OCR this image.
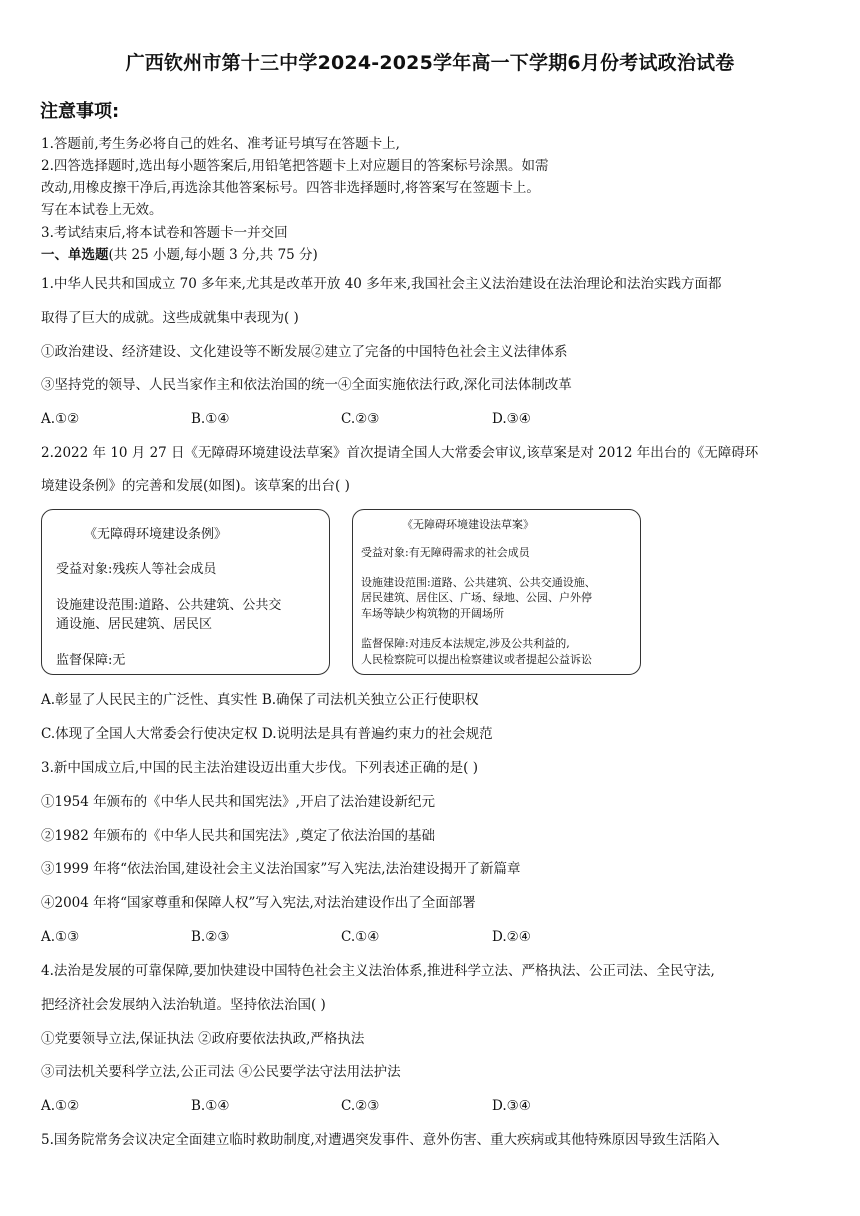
广西钦州市第十三中学2024-2025学年高一下学期6月份考试政治试卷
注意事项:
1.答题前,考生务必将自己的姓名、准考证号填写在答题卡上,
2.四答选择题时,选出每小题答案后,用铅笔把答题卡上对应题目的答案标号涂黑。如需
改动,用橡皮擦干净后,再选涂其他答案标号。四答非选择题时,将答案写在签题卡上。
写在本试卷上无效。
3.考试结束后,将本试卷和答题卡一并交回
一、单选题(共 25 小题,每小题 3 分,共 75 分)
1.中华人民共和国成立 70 多年来,尤其是改革开放 40 多年来,我国社会主义法治建设在法治理论和法治实践方面都
取得了巨大的成就。这些成就集中表现为( )
①政治建设、经济建设、文化建设等不断发展②建立了完备的中国特色社会主义法律体系
③坚持党的领导、人民当家作主和依法治国的统一④全面实施依法行政,深化司法体制改革
A.①②	B.①④	C.②③	D.③④
2.2022 年 10 月 27 日《无障碍环境建设法草案》首次提请全国人大常委会审议,该草案是对 2012 年出台的《无障碍环
境建设条例》的完善和发展(如图)。该草案的出台( )
《无障碍环境建设条例》
受益对象:残疾人等社会成员
设施建设范围:道路、公共建筑、公共交
通设施、居民建筑、居民区
监督保障:无
《无障碍环境建设法草案》
受益对象:有无障碍需求的社会成员
设施建设范围:道路、公共建筑、公共交通设施、
居民建筑、居住区、广场、绿地、公园、户外停
车场等缺少构筑物的开阔场所
监督保障:对违反本法规定,涉及公共利益的,
人民检察院可以提出检察建议或者提起公益诉讼
A.彰显了人民民主的广泛性、真实性 B.确保了司法机关独立公正行使职权
C.体现了全国人大常委会行使决定权 D.说明法是具有普遍约束力的社会规范
3.新中国成立后,中国的民主法治建设迈出重大步伐。下列表述正确的是( )
①1954 年颁布的《中华人民共和国宪法》,开启了法治建设新纪元
②1982 年颁布的《中华人民共和国宪法》,奠定了依法治国的基础
③1999 年将“依法治国,建设社会主义法治国家”写入宪法,法治建设揭开了新篇章
④2004 年将“国家尊重和保障人权”写入宪法,对法治建设作出了全面部署
A.①③	B.②③	C.①④	D.②④
4.法治是发展的可靠保障,要加快建设中国特色社会主义法治体系,推进科学立法、严格执法、公正司法、全民守法,
把经济社会发展纳入法治轨道。坚持依法治国( )
①党要领导立法,保证执法 ②政府要依法执政,严格执法
③司法机关要科学立法,公正司法 ④公民要学法守法用法护法
A.①②	B.①④	C.②③	D.③④
5.国务院常务会议决定全面建立临时救助制度,对遭遇突发事件、意外伤害、重大疾病或其他特殊原因导致生活陷入
